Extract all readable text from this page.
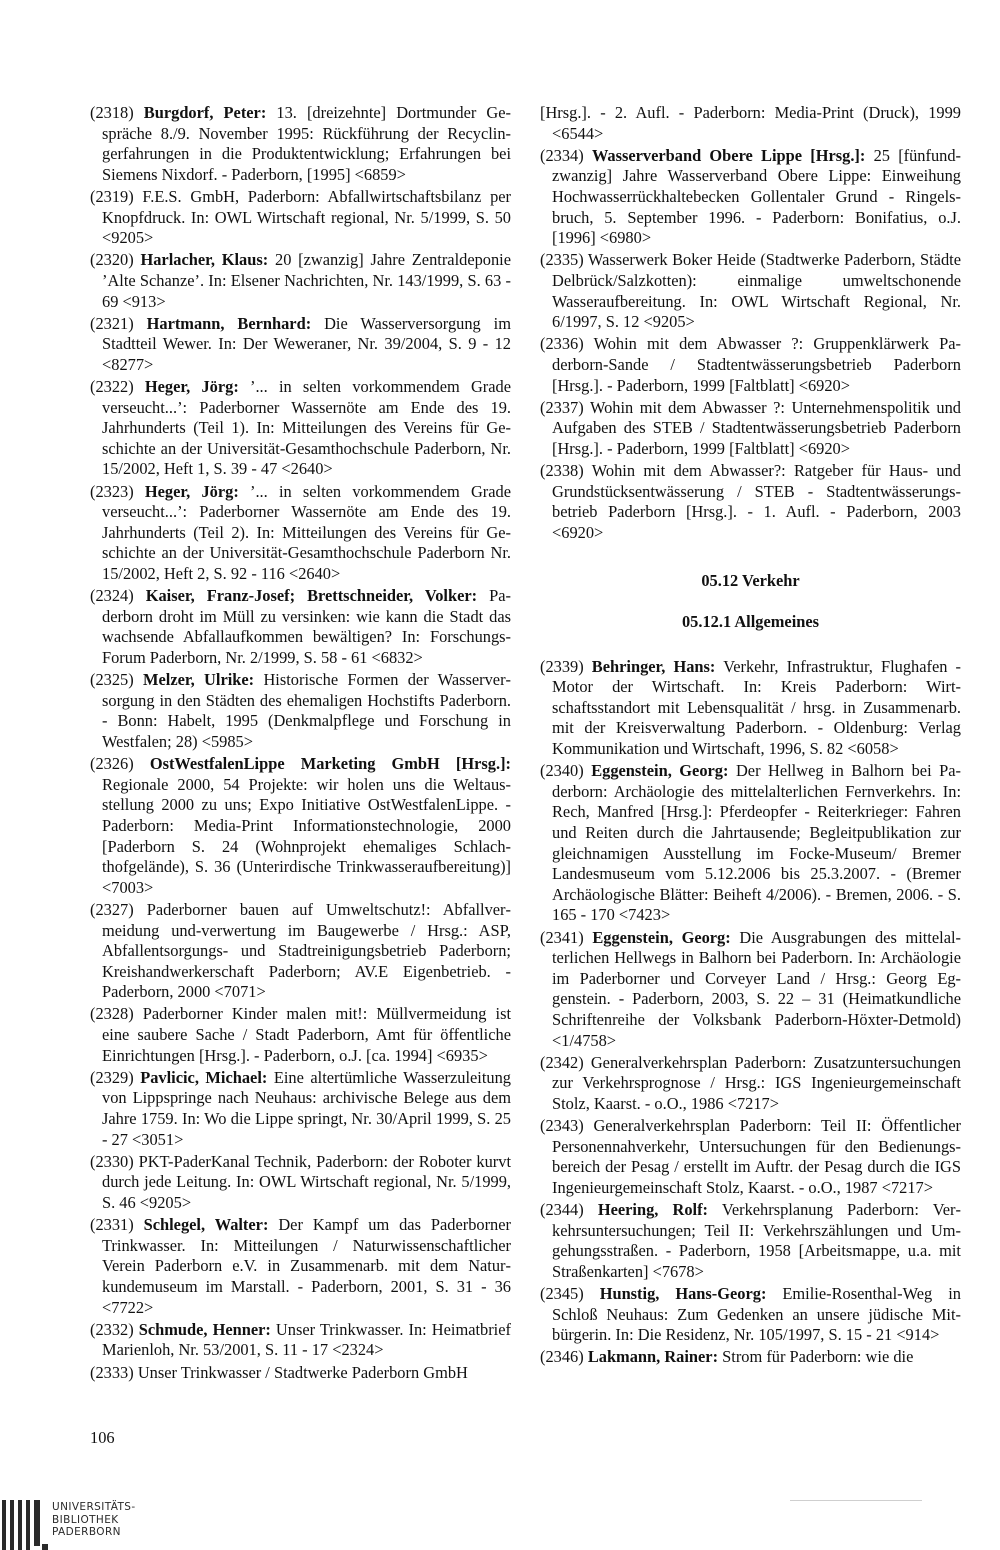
(2318) Burgdorf, Peter: 13. [dreizehnte] Dortmunder Gespräche 8./9. November 1995: Rückführung der Recyclingerfahrungen in die Produktentwicklung; Erfahrungen bei Siemens Nixdorf. - Paderborn, [1995] <6859>

(2319) F.E.S. GmbH, Paderborn: Abfallwirtschaftsbilanz per Knopfdruck. In: OWL Wirtschaft regional, Nr. 5/1999, S. 50 <9205>

(2320) Harlacher, Klaus: 20 [zwanzig] Jahre Zentraldeponie ’Alte Schanze’. In: Elsener Nachrichten, Nr. 143/1999, S. 63 - 69 <913>

(2321) Hartmann, Bernhard: Die Wasserversorgung im Stadtteil Wewer. In: Der Weweraner, Nr. 39/2004, S. 9 - 12 <8277>

(2322) Heger, Jörg: ’... in selten vorkommendem Grade verseucht...’: Paderborner Wassernöte am Ende des 19. Jahrhunderts (Teil 1). In: Mitteilungen des Vereins für Geschichte an der Universität-Gesamthochschule Paderborn, Nr. 15/2002, Heft 1, S. 39 - 47 <2640>

(2323) Heger, Jörg: ’... in selten vorkommendem Grade verseucht...’: Paderborner Wassernöte am Ende des 19. Jahrhunderts (Teil 2). In: Mitteilungen des Vereins für Geschichte an der Universität-Gesamthochschule Paderborn Nr. 15/2002, Heft 2, S. 92 - 116 <2640>

(2324) Kaiser, Franz-Josef; Brettschneider, Volker: Paderborn droht im Müll zu versinken: wie kann die Stadt das wachsende Abfallaufkommen bewältigen? In: Forschungs-Forum Paderborn, Nr. 2/1999, S. 58 - 61 <6832>

(2325) Melzer, Ulrike: Historische Formen der Wasserversorgung in den Städten des ehemaligen Hochstifts Paderborn. - Bonn: Habelt, 1995 (Denkmalpflege und Forschung in Westfalen; 28) <5985>

(2326) OstWestfalenLippe Marketing GmbH [Hrsg.]: Regionale 2000, 54 Projekte: wir holen uns die Weltausstellung 2000 zu uns; Expo Initiative OstWestfalenLippe. - Paderborn: Media-Print Informationstechnologie, 2000 [Paderborn S. 24 (Wohnprojekt ehemaliges Schlachthofgelände), S. 36 (Unterirdische Trinkwasseraufbereitung)] <7003>

(2327) Paderborner bauen auf Umweltschutz!: Abfallvermeidung und-verwertung im Baugewerbe / Hrsg.: ASP, Abfallentsorgungs- und Stadtreinigungsbetrieb Paderborn; Kreishandwerkerschaft Paderborn; AV.E Eigenbetrieb. - Paderborn, 2000 <7071>

(2328) Paderborner Kinder malen mit!: Müllvermeidung ist eine saubere Sache / Stadt Paderborn, Amt für öffentliche Einrichtungen [Hrsg.]. - Paderborn, o.J. [ca. 1994] <6935>

(2329) Pavlicic, Michael: Eine altertümliche Wasserzuleitung von Lippspringe nach Neuhaus: archivische Belege aus dem Jahre 1759. In: Wo die Lippe springt, Nr. 30/April 1999, S. 25 - 27 <3051>

(2330) PKT-PaderKanal Technik, Paderborn: der Roboter kurvt durch jede Leitung. In: OWL Wirtschaft regional, Nr. 5/1999, S. 46 <9205>

(2331) Schlegel, Walter: Der Kampf um das Paderborner Trinkwasser. In: Mitteilungen / Naturwissenschaftlicher Verein Paderborn e.V. in Zusammenarb. mit dem Naturkundemuseum im Marstall. - Paderborn, 2001, S. 31 - 36 <7722>

(2332) Schmude, Henner: Unser Trinkwasser. In: Heimatbrief Marienloh, Nr. 53/2001, S. 11 - 17 <2324>

(2333) Unser Trinkwasser / Stadtwerke Paderborn GmbH

[Hrsg.]. - 2. Aufl. - Paderborn: Media-Print (Druck), 1999 <6544>

(2334) Wasserverband Obere Lippe [Hrsg.]: 25 [fünfundzwanzig] Jahre Wasserverband Obere Lippe: Einweihung Hochwasserrückhaltebecken Gollentaler Grund - Ringelsbruch, 5. September 1996. - Paderborn: Bonifatius, o.J. [1996] <6980>

(2335) Wasserwerk Boker Heide (Stadtwerke Paderborn, Städte Delbrück/Salzkotten): einmalige umweltschonende Wasseraufbereitung. In: OWL Wirtschaft Regional, Nr. 6/1997, S. 12 <9205>

(2336) Wohin mit dem Abwasser ?: Gruppenklärwerk Paderborn-Sande / Stadtentwässerungsbetrieb Paderborn [Hrsg.]. - Paderborn, 1999 [Faltblatt] <6920>

(2337) Wohin mit dem Abwasser ?: Unternehmenspolitik und Aufgaben des STEB / Stadtentwässerungsbetrieb Paderborn [Hrsg.]. - Paderborn, 1999 [Faltblatt] <6920>

(2338) Wohin mit dem Abwasser?: Ratgeber für Haus- und Grundstücksentwässerung / STEB - Stadtentwässerungsbetrieb Paderborn [Hrsg.]. - 1. Aufl. - Paderborn, 2003 <6920>

05.12 Verkehr

05.12.1 Allgemeines

(2339) Behringer, Hans: Verkehr, Infrastruktur, Flughafen - Motor der Wirtschaft. In: Kreis Paderborn: Wirtschaftsstandort mit Lebensqualität / hrsg. in Zusammenarb. mit der Kreisverwaltung Paderborn. - Oldenburg: Verlag Kommunikation und Wirtschaft, 1996, S. 82 <6058>

(2340) Eggenstein, Georg: Der Hellweg in Balhorn bei Paderborn: Archäologie des mittelalterlichen Fernverkehrs. In: Rech, Manfred [Hrsg.]: Pferdeopfer - Reiterkrieger: Fahren und Reiten durch die Jahrtausende; Begleitpublikation zur gleichnamigen Ausstellung im Focke-Museum/ Bremer Landesmuseum vom 5.12.2006 bis 25.3.2007. - (Bremer Archäologische Blätter: Beiheft 4/2006). - Bremen, 2006. - S. 165 - 170 <7423>

(2341) Eggenstein, Georg: Die Ausgrabungen des mittelalterlichen Hellwegs in Balhorn bei Paderborn. In: Archäologie im Paderborner und Corveyer Land / Hrsg.: Georg Eggenstein. - Paderborn, 2003, S. 22 – 31 (Heimatkundliche Schriftenreihe der Volksbank Paderborn-Höxter-Detmold) <1/4758>

(2342) Generalverkehrsplan Paderborn: Zusatzuntersuchungen zur Verkehrsprognose / Hrsg.: IGS Ingenieurgemeinschaft Stolz, Kaarst. - o.O., 1986 <7217>

(2343) Generalverkehrsplan Paderborn: Teil II: Öffentlicher Personennahverkehr, Untersuchungen für den Bedienungsbereich der Pesag / erstellt im Auftr. der Pesag durch die IGS Ingenieurgemeinschaft Stolz, Kaarst. - o.O., 1987 <7217>

(2344) Heering, Rolf: Verkehrsplanung Paderborn: Verkehrsuntersuchungen; Teil II: Verkehrszählungen und Umgehungsstraßen. - Paderborn, 1958 [Arbeitsmappe, u.a. mit Straßenkarten] <7678>

(2345) Hunstig, Hans-Georg: Emilie-Rosenthal-Weg in Schloß Neuhaus: Zum Gedenken an unsere jüdische Mitbürgerin. In: Die Residenz, Nr. 105/1997, S. 15 - 21 <914>

(2346) Lakmann, Rainer: Strom für Paderborn: wie die

106
UNIVERSITÄTS-
BIBLIOTHEK
PADERBORN
